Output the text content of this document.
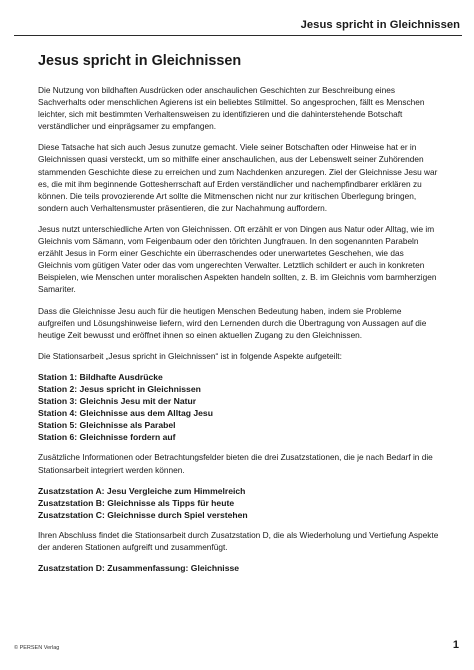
Jesus spricht in Gleichnissen
Jesus spricht in Gleichnissen

Die Nutzung von bildhaften Ausdrücken oder anschaulichen Geschichten zur Beschreibung eines Sachverhalts oder menschlichen Agierens ist ein beliebtes Stilmittel. So angesprochen, fällt es Menschen leichter, sich mit bestimmten Verhaltensweisen zu identifizieren und die dahinterstehende Botschaft verständlicher und einprägsamer zu empfangen.

Diese Tatsache hat sich auch Jesus zunutze gemacht. Viele seiner Botschaften oder Hinweise hat er in Gleichnissen quasi versteckt, um so mithilfe einer anschaulichen, aus der Lebenswelt seiner Zuhörenden stammenden Geschichte diese zu erreichen und zum Nachdenken anzuregen. Ziel der Gleichnisse Jesu war es, die mit ihm beginnende Gottesherrschaft auf Erden verständlicher und nachempfindbarer erklären zu können. Die teils provozierende Art sollte die Mitmenschen nicht nur zur kritischen Überlegung bringen, sondern auch Verhaltensmuster präsentieren, die zur Nachahmung auffordern.

Jesus nutzt unterschiedliche Arten von Gleichnissen. Oft erzählt er von Dingen aus Natur oder Alltag, wie im Gleichnis vom Sämann, vom Feigenbaum oder den törichten Jungfrauen. In den sogenannten Parabeln erzählt Jesus in Form einer Geschichte ein überraschendes oder unerwartetes Geschehen, wie das Gleichnis vom gütigen Vater oder das vom ungerechten Verwalter. Letztlich schildert er auch in konkreten Beispielen, wie Menschen unter moralischen Aspekten handeln sollten, z. B. im Gleichnis vom barmherzigen Samariter.

Dass die Gleichnisse Jesu auch für die heutigen Menschen Bedeutung haben, indem sie Probleme aufgreifen und Lösungshinweise liefern, wird den Lernenden durch die Übertragung von Aussagen auf die heutige Zeit bewusst und eröffnet ihnen so einen aktuellen Zugang zu den Gleichnissen.

Die Stationsarbeit „Jesus spricht in Gleichnissen“ ist in folgende Aspekte aufgeteilt:

Station 1: Bildhafte Ausdrücke
Station 2: Jesus spricht in Gleichnissen
Station 3: Gleichnis Jesu mit der Natur
Station 4: Gleichnisse aus dem Alltag Jesu
Station 5: Gleichnisse als Parabel
Station 6: Gleichnisse fordern auf

Zusätzliche Informationen oder Betrachtungsfelder bieten die drei Zusatzstationen, die je nach Bedarf in die Stationsarbeit integriert werden können.

Zusatzstation A: Jesu Vergleiche zum Himmelreich
Zusatzstation B: Gleichnisse als Tipps für heute
Zusatzstation C: Gleichnisse durch Spiel verstehen

Ihren Abschluss findet die Stationsarbeit durch Zusatzstation D, die als Wiederholung und Vertiefung Aspekte der anderen Stationen aufgreift und zusammenfügt.

Zusatzstation D: Zusammenfassung: Gleichnisse
© PERSEN Verlag	1
